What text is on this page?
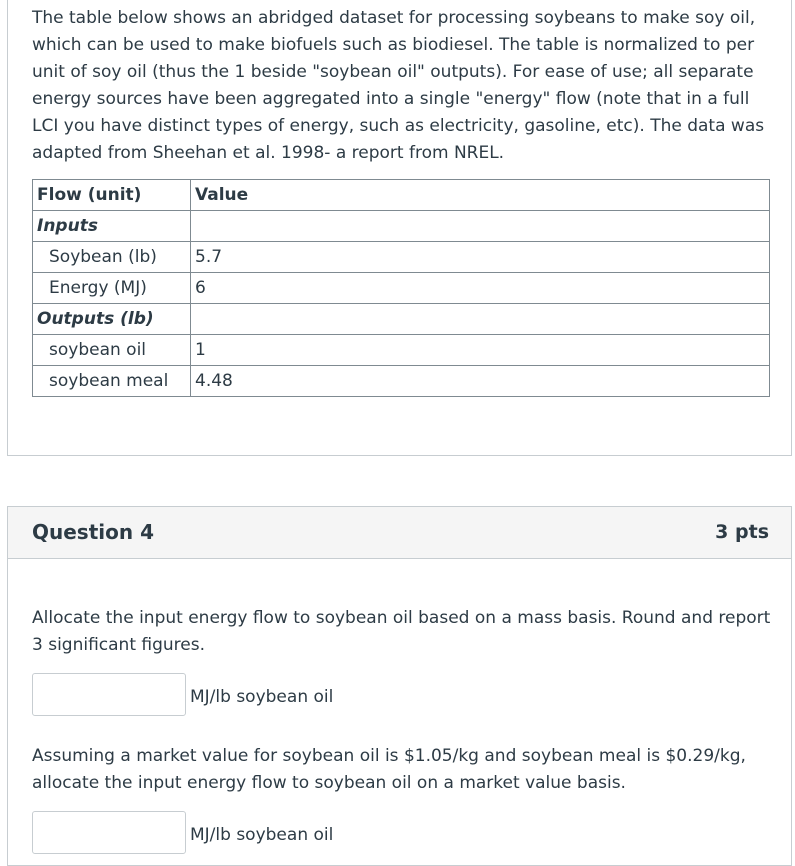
The table below shows an abridged dataset for processing soybeans to make soy oil, which can be used to make biofuels such as biodiesel. The table is normalized to per unit of soy oil (thus the 1 beside "soybean oil" outputs). For ease of use; all separate energy sources have been aggregated into a single "energy" flow (note that in a full LCI you have distinct types of energy, such as electricity, gasoline, etc). The data was adapted from Sheehan et al. 1998- a report from NREL.

Flow (unit)	Value
Inputs	
Soybean (lb)	5.7
Energy (MJ)	6
Outputs (lb)	
soybean oil	1
soybean meal	4.48
Question 4	3 pts

Allocate the input energy flow to soybean oil based on a mass basis. Round and report 3 significant figures.

MJ/lb soybean oil

Assuming a market value for soybean oil is $1.05/kg and soybean meal is $0.29/kg, allocate the input energy flow to soybean oil on a market value basis.

MJ/lb soybean oil
